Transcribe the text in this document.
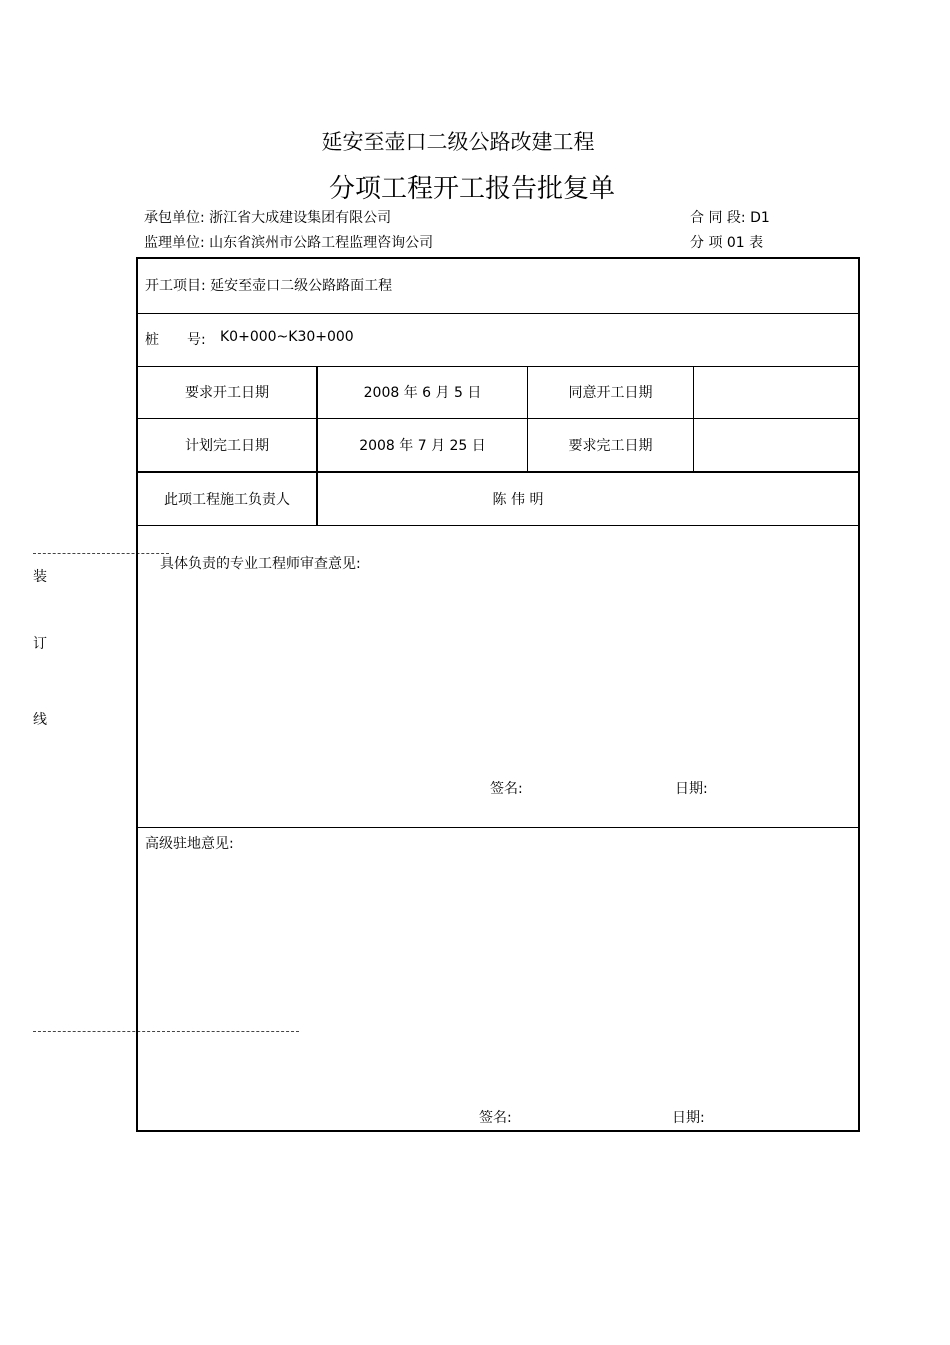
延安至壶口二级公路改建工程
分项工程开工报告批复单
承包单位: 浙江省大成建设集团有限公司	合 同 段: D1
监理单位: 山东省滨州市公路工程监理咨询公司	分 项 01 表
装
订
线
开工项目: 延安至壶口二级公路路面工程
桩　　号: K0+000~K30+000
要求开工日期	2008 年 6 月 5 日	同意开工日期
计划完工日期	2008 年 7 月 25 日	要求完工日期
此项工程施工负责人	陈 伟 明
具体负责的专业工程师审查意见:
签名:	日期:
高级驻地意见:
签名:	日期:
